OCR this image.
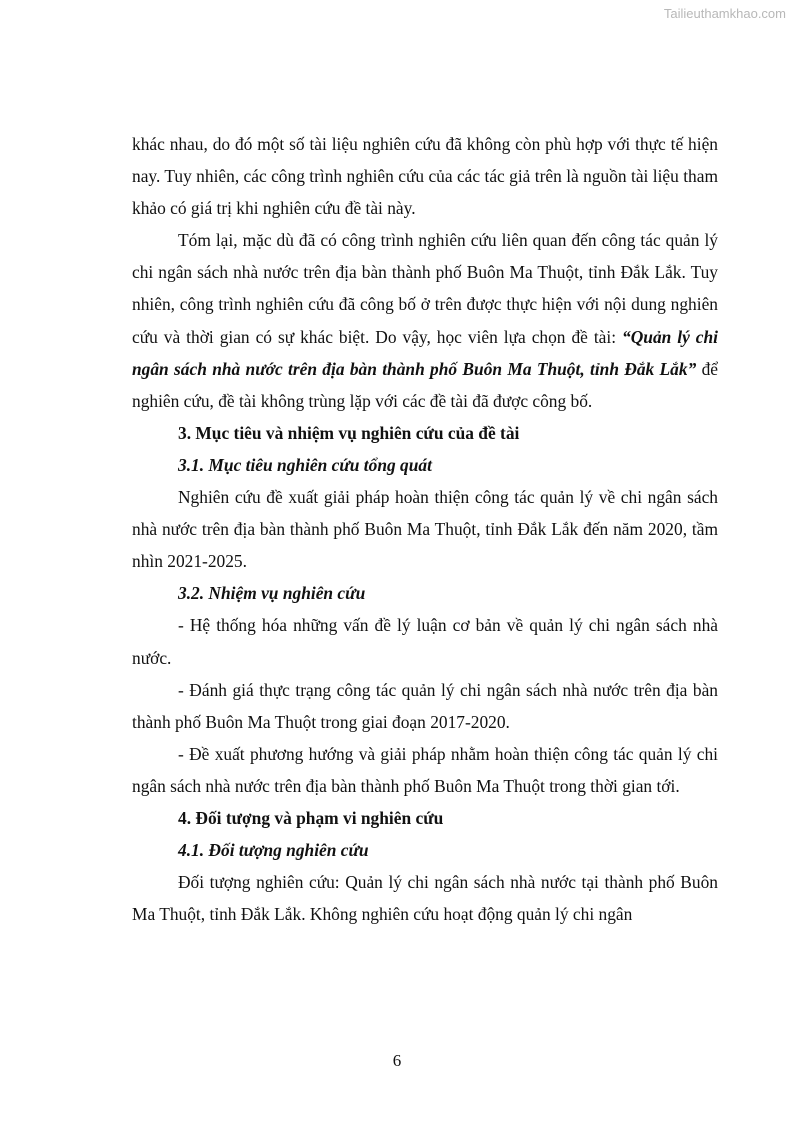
Tailieuthamkhao.com

khác nhau, do đó một số tài liệu nghiên cứu đã không còn phù hợp với thực tế hiện nay. Tuy nhiên, các công trình nghiên cứu của các tác giả trên là nguồn tài liệu tham khảo có giá trị khi nghiên cứu đề tài này.

Tóm lại, mặc dù đã có công trình nghiên cứu liên quan đến công tác quản lý chi ngân sách nhà nước trên địa bàn thành phố Buôn Ma Thuột, tỉnh Đắk Lắk. Tuy nhiên, công trình nghiên cứu đã công bố ở trên được thực hiện với nội dung nghiên cứu và thời gian có sự khác biệt. Do vậy, học viên lựa chọn đề tài: “Quản lý chi ngân sách nhà nước trên địa bàn thành phố Buôn Ma Thuột, tỉnh Đắk Lắk” để nghiên cứu, đề tài không trùng lặp với các đề tài đã được công bố.

3. Mục tiêu và nhiệm vụ nghiên cứu của đề tài

3.1. Mục tiêu nghiên cứu tổng quát

Nghiên cứu đề xuất giải pháp hoàn thiện công tác quản lý về chi ngân sách nhà nước trên địa bàn thành phố Buôn Ma Thuột, tỉnh Đắk Lắk đến năm 2020, tầm nhìn 2021-2025.

3.2. Nhiệm vụ nghiên cứu

- Hệ thống hóa những vấn đề lý luận cơ bản về quản lý chi ngân sách nhà nước.

- Đánh giá thực trạng công tác quản lý chi ngân sách nhà nước trên địa bàn thành phố Buôn Ma Thuột trong giai đoạn 2017-2020.

- Đề xuất phương hướng và giải pháp nhằm hoàn thiện công tác quản lý chi ngân sách nhà nước trên địa bàn thành phố Buôn Ma Thuột trong thời gian tới.

4. Đối tượng và phạm vi nghiên cứu

4.1. Đối tượng nghiên cứu

Đối tượng nghiên cứu: Quản lý chi ngân sách nhà nước tại thành phố Buôn Ma Thuột, tỉnh Đắk Lắk. Không nghiên cứu hoạt động quản lý chi ngân

6
